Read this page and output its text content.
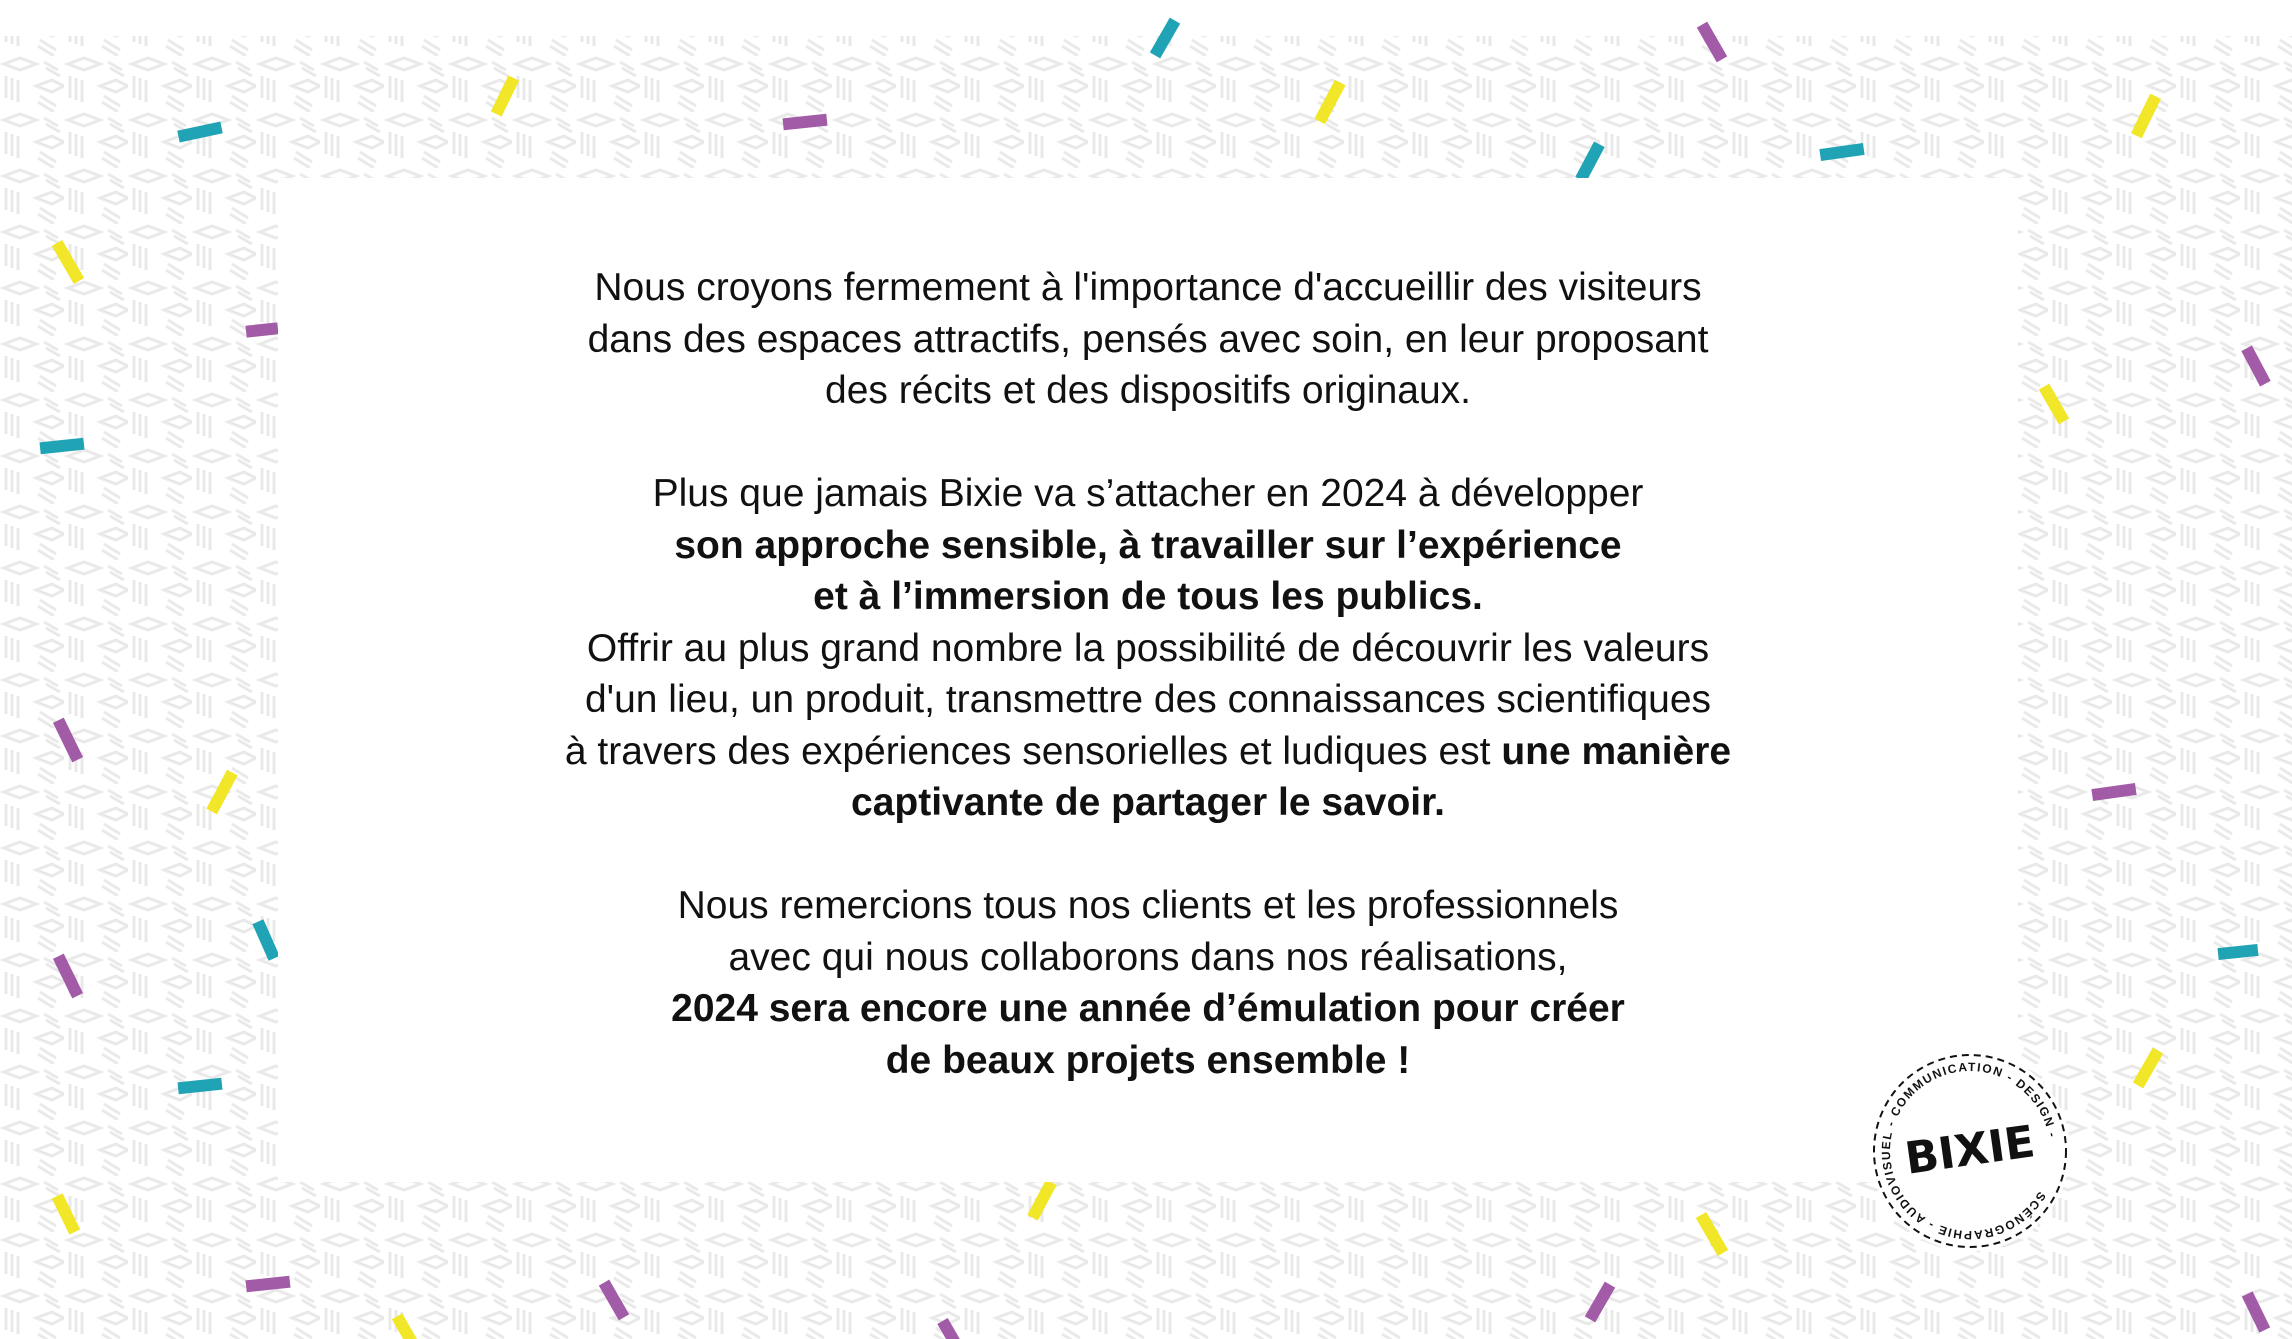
Nous croyons fermement à l'importance d'accueillir des visiteurs

dans des espaces attractifs, pensés avec soin, en leur proposant

des récits et des dispositifs originaux.

Plus que jamais Bixie va s’attacher en 2024 à développer

son approche sensible, à travailler sur l’expérience

et à l’immersion de tous les publics.

Offrir au plus grand nombre la possibilité de découvrir les valeurs

d'un lieu, un produit, transmettre des connaissances scientifiques

à travers des expériences sensorielles et ludiques est une manière

captivante de partager le savoir.

Nous remercions tous nos clients et les professionnels

avec qui nous collaborons dans nos réalisations,

2024 sera encore une année d’émulation pour créer

de beaux projets ensemble !

SCÉNOGRAPHIE - AUDIOVISUEL - COMMUNICATION - DESIGN -
BIXIE
